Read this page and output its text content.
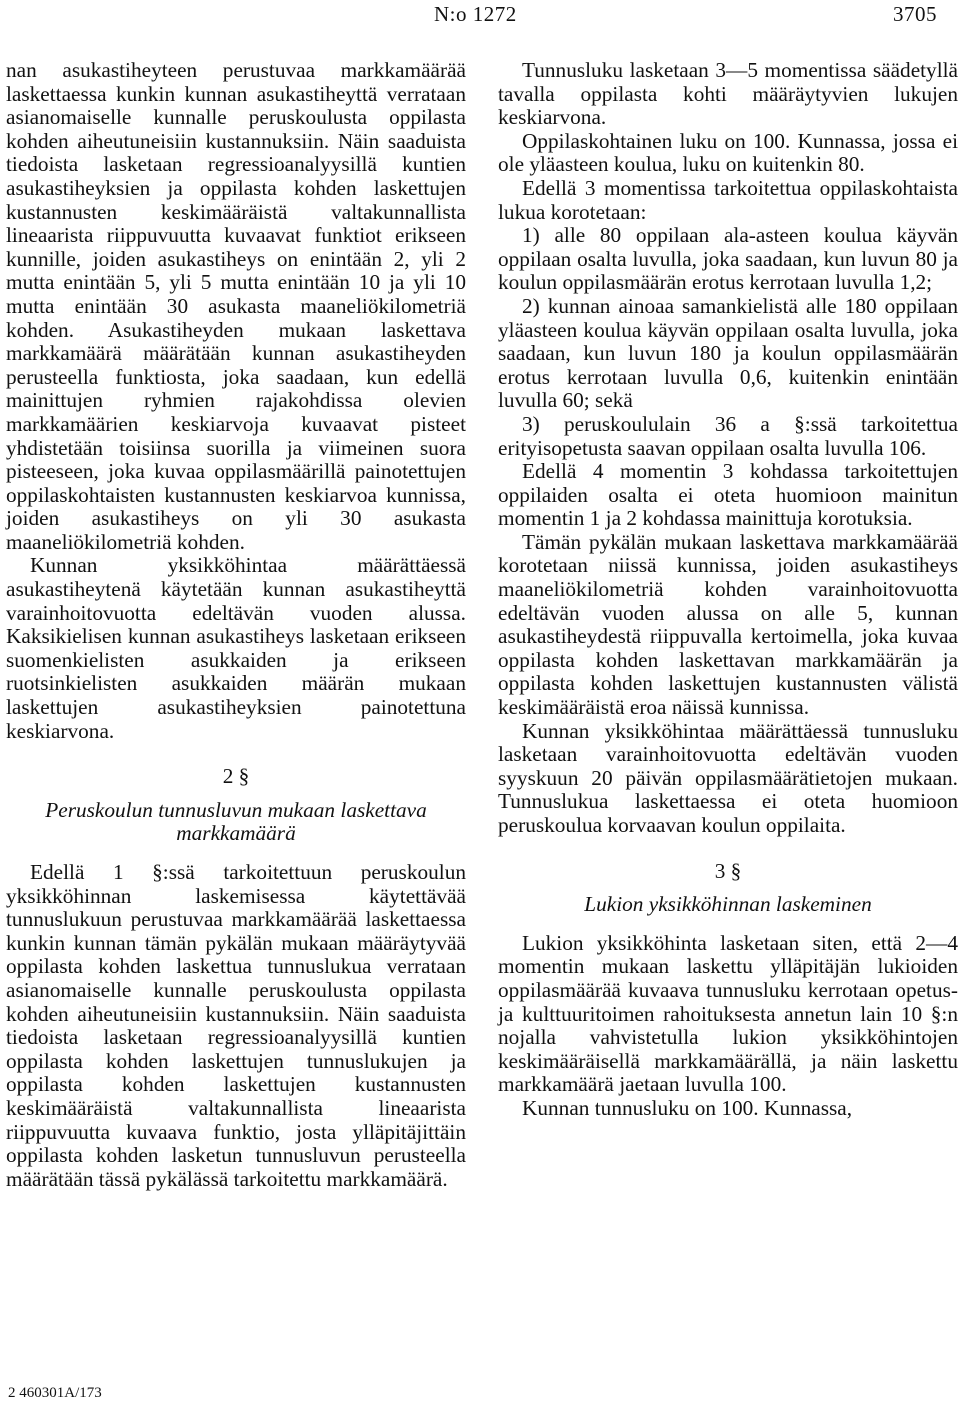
N:o 1272	3705

nan asukastiheyteen perustuvaa markkamäärää laskettaessa kunkin kunnan asukastiheyttä verrataan asianomaiselle kunnalle peruskoulusta oppilasta kohden aiheutuneisiin kustannuksiin. Näin saaduista tiedoista lasketaan regressioanalyysillä kuntien asukastiheyksien ja oppilasta kohden laskettujen kustannusten keskimääräistä valtakunnallista lineaarista riippuvuutta kuvaavat funktiot erikseen kunnille, joiden asukastiheys on enintään 2, yli 2 mutta enintään 5, yli 5 mutta enintään 10 ja yli 10 mutta enintään 30 asukasta maaneliökilometriä kohden. Asukastiheyden mukaan laskettava markkamäärä määrätään kunnan asukastiheyden perusteella funktiosta, joka saadaan, kun edellä mainittujen ryhmien rajakohdissa olevien markkamäärien keskiarvoja kuvaavat pisteet yhdistetään toisiinsa suorilla ja viimeinen suora pisteeseen, joka kuvaa oppilasmäärillä painotettujen oppilaskohtaisten kustannusten keskiarvoa kunnissa, joiden asukastiheys on yli 30 asukasta maaneliökilometriä kohden.

Kunnan yksikköhintaa määrättäessä asukastiheytenä käytetään kunnan asukastiheyttä varainhoitovuotta edeltävän vuoden alussa. Kaksikielisen kunnan asukastiheys lasketaan erikseen suomenkielisten asukkaiden ja erikseen ruotsinkielisten asukkaiden määrän mukaan laskettujen asukastiheyksien painotettuna keskiarvona.

2 §

Peruskoulun tunnusluvun mukaan laskettava markkamäärä

Edellä 1 §:ssä tarkoitettuun peruskoulun yksikköhinnan laskemisessa käytettävää tunnuslukuun perustuvaa markkamäärää laskettaessa kunkin kunnan tämän pykälän mukaan määräytyvää oppilasta kohden laskettua tunnuslukua verrataan asianomaiselle kunnalle peruskoulusta oppilasta kohden aiheutuneisiin kustannuksiin. Näin saaduista tiedoista lasketaan regressioanalyysillä kuntien oppilasta kohden laskettujen tunnuslukujen ja oppilasta kohden laskettujen kustannusten keskimääräistä valtakunnallista lineaarista riippuvuutta kuvaava funktio, josta ylläpitäjittäin oppilasta kohden lasketun tunnusluvun perusteella määrätään tässä pykälässä tarkoitettu markkamäärä.

Tunnusluku lasketaan 3—5 momentissa säädetyllä tavalla oppilasta kohti määräytyvien lukujen keskiarvona.

Oppilaskohtainen luku on 100. Kunnassa, jossa ei ole yläasteen koulua, luku on kuitenkin 80.

Edellä 3 momentissa tarkoitettua oppilaskohtaista lukua korotetaan:

1) alle 80 oppilaan ala-asteen koulua käyvän oppilaan osalta luvulla, joka saadaan, kun luvun 80 ja koulun oppilasmäärän erotus kerrotaan luvulla 1,2;

2) kunnan ainoaa samankielistä alle 180 oppilaan yläasteen koulua käyvän oppilaan osalta luvulla, joka saadaan, kun luvun 180 ja koulun oppilasmäärän erotus kerrotaan luvulla 0,6, kuitenkin enintään luvulla 60; sekä

3) peruskoululain 36 a §:ssä tarkoitettua erityisopetusta saavan oppilaan osalta luvulla 106.

Edellä 4 momentin 3 kohdassa tarkoitettujen oppilaiden osalta ei oteta huomioon mainitun momentin 1 ja 2 kohdassa mainittuja korotuksia.

Tämän pykälän mukaan laskettava markkamäärää korotetaan niissä kunnissa, joiden asukastiheys maaneliökilometriä kohden varainhoitovuotta edeltävän vuoden alussa on alle 5, kunnan asukastiheydestä riippuvalla kertoimella, joka kuvaa oppilasta kohden laskettavan markkamäärän ja oppilasta kohden laskettujen kustannusten välistä keskimääräistä eroa näissä kunnissa.

Kunnan yksikköhintaa määrättäessä tunnusluku lasketaan varainhoitovuotta edeltävän vuoden syyskuun 20 päivän oppilasmäärätietojen mukaan. Tunnuslukua laskettaessa ei oteta huomioon peruskoulua korvaavan koulun oppilaita.

3 §

Lukion yksikköhinnan laskeminen

Lukion yksikköhinta lasketaan siten, että 2—4 momentin mukaan laskettu ylläpitäjän lukioiden oppilasmäärää kuvaava tunnusluku kerrotaan opetus- ja kulttuuritoimen rahoituksesta annetun lain 10 §:n nojalla vahvistetulla lukion yksikköhintojen keskimääräisellä markkamäärällä, ja näin laskettu markkamäärä jaetaan luvulla 100.

Kunnan tunnusluku on 100. Kunnassa,

2 460301A/173
